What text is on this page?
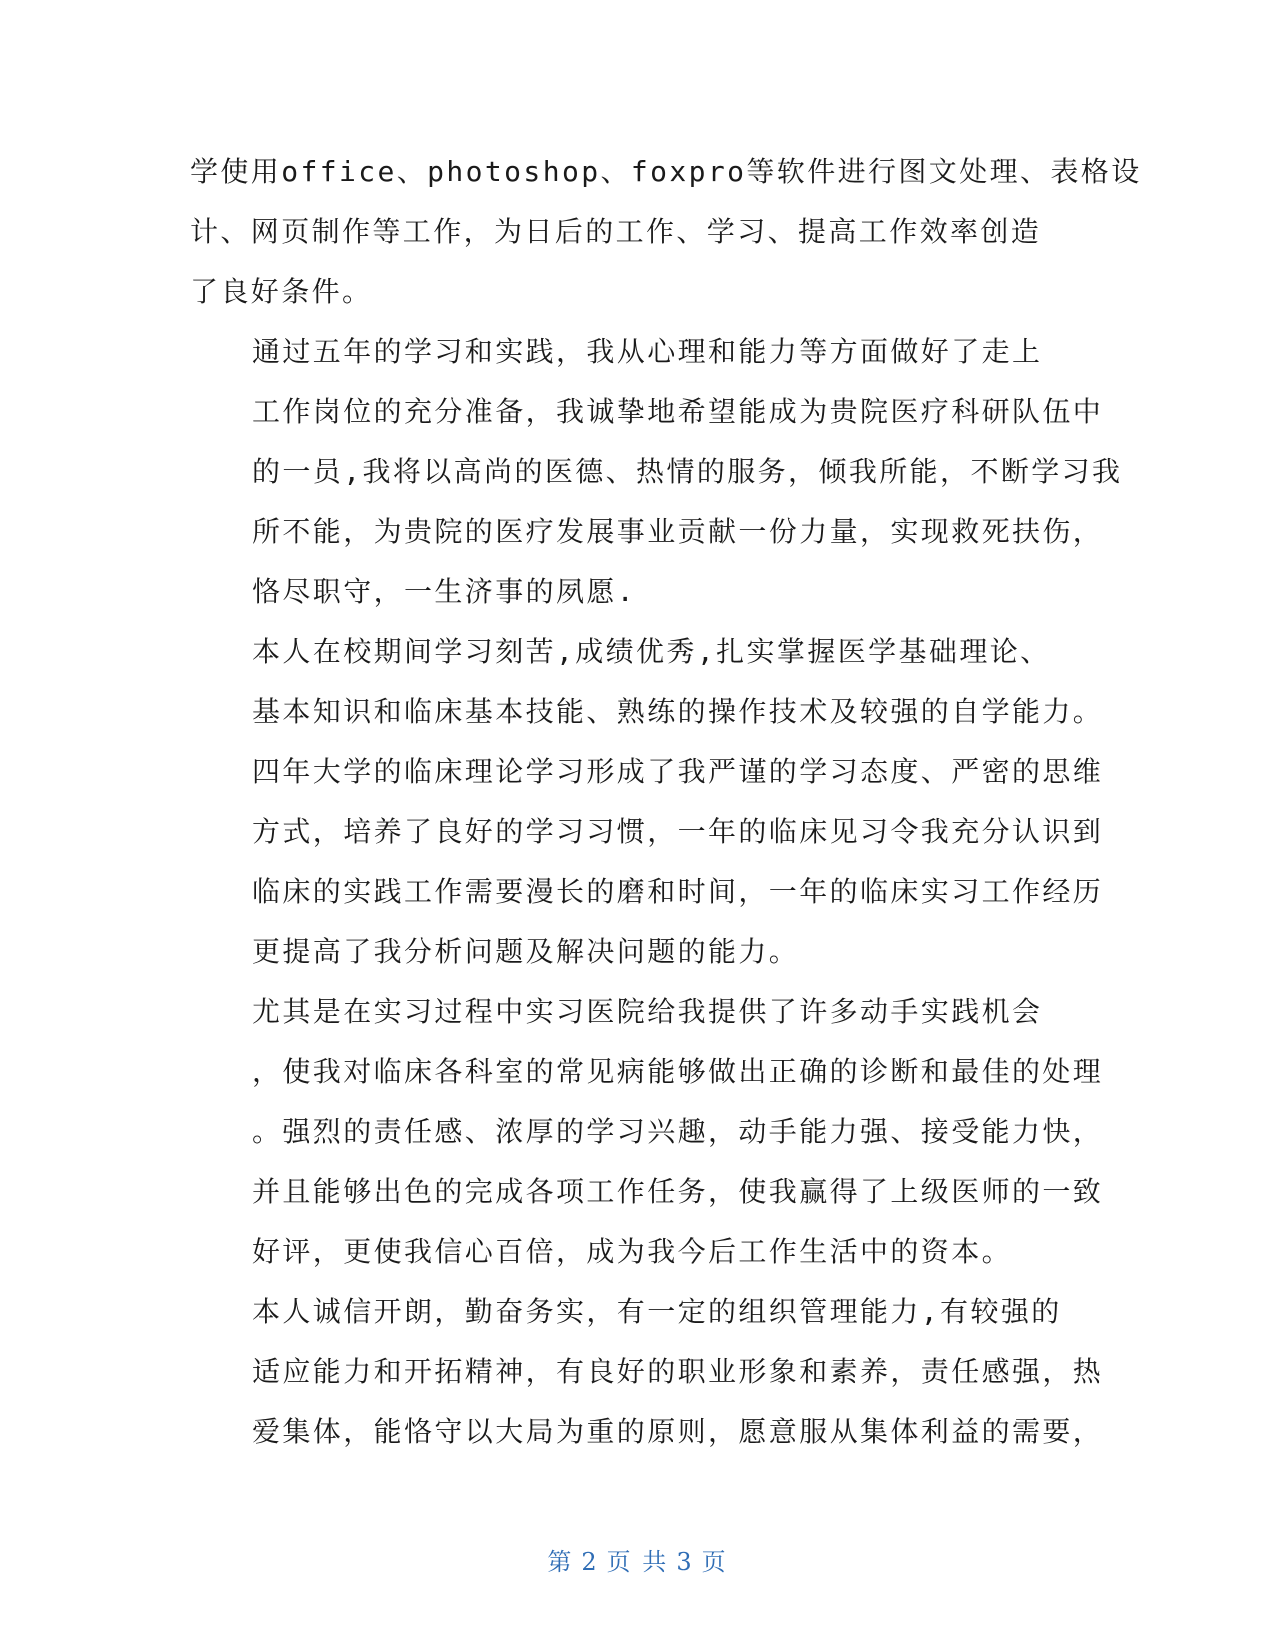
学使用office、photoshop、foxpro等软件进行图文处理、表格设
计、网页制作等工作，为日后的工作、学习、提高工作效率创造
了良好条件。

通过五年的学习和实践，我从心理和能力等方面做好了走上
工作岗位的充分准备，我诚挚地希望能成为贵院医疗科研队伍中
的一员,我将以高尚的医德、热情的服务，倾我所能，不断学习我
所不能，为贵院的医疗发展事业贡献一份力量，实现救死扶伤，
恪尽职守，一生济事的夙愿.

本人在校期间学习刻苦,成绩优秀,扎实掌握医学基础理论、
基本知识和临床基本技能、熟练的操作技术及较强的自学能力。
四年大学的临床理论学习形成了我严谨的学习态度、严密的思维
方式，培养了良好的学习习惯，一年的临床见习令我充分认识到
临床的实践工作需要漫长的磨和时间，一年的临床实习工作经历
更提高了我分析问题及解决问题的能力。

尤其是在实习过程中实习医院给我提供了许多动手实践机会
，使我对临床各科室的常见病能够做出正确的诊断和最佳的处理
。强烈的责任感、浓厚的学习兴趣，动手能力强、接受能力快，
并且能够出色的完成各项工作任务，使我赢得了上级医师的一致
好评，更使我信心百倍，成为我今后工作生活中的资本。

本人诚信开朗，勤奋务实，有一定的组织管理能力,有较强的
适应能力和开拓精神，有良好的职业形象和素养，责任感强，热
爱集体，能恪守以大局为重的原则，愿意服从集体利益的需要，

第 2 页 共 3 页
